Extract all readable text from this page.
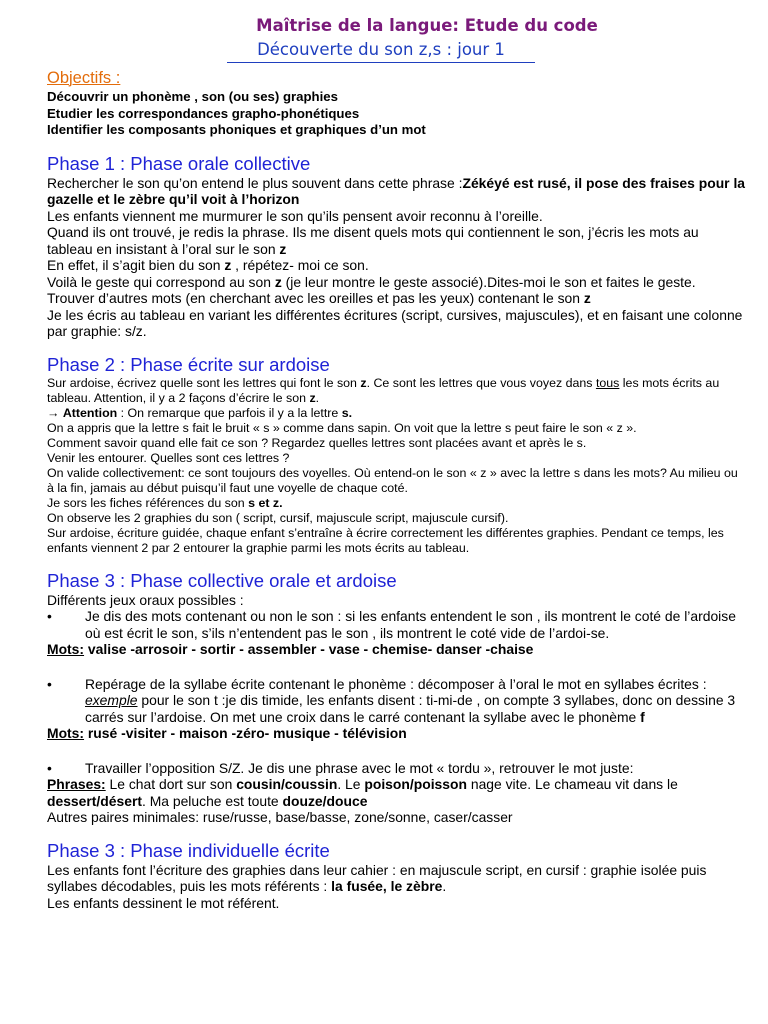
Maîtrise de la langue: Etude du code
Découverte du son z,s : jour 1
Objectifs :
Découvrir un phonème , son (ou ses) graphies
Etudier les correspondances grapho-phonétiques
Identifier les composants phoniques et graphiques d’un mot
Phase 1 : Phase orale collective
Rechercher le son qu’on entend le plus souvent dans cette phrase :Zékéyé est rusé, il pose des fraises pour la gazelle et le zèbre qu’il voit à l’horizon
Les enfants viennent me murmurer le son qu’ils pensent avoir reconnu à l’oreille.
Quand ils ont trouvé, je redis la phrase. Ils me disent quels mots qui contiennent le son, j’écris les mots au tableau en insistant à l’oral sur le son z
En effet, il s’agit bien du son z , répétez- moi ce son.
Voilà le geste qui correspond au son z (je leur montre le geste associé).Dites-moi le son et faites le geste.
Trouver d’autres mots (en cherchant avec les oreilles et pas les yeux) contenant le son z
Je les écris au tableau en variant les différentes écritures (script, cursives, majuscules), et en faisant une colonne par graphie: s/z.
Phase 2 : Phase écrite sur ardoise
Sur ardoise, écrivez quelle sont les lettres qui font le son z. Ce sont les lettres que vous voyez dans tous les mots écrits au tableau. Attention, il y a 2 façons d’écrire le son z.
→ Attention : On remarque que parfois il y a la lettre s.
On a appris que la lettre s fait le bruit « s » comme dans sapin. On voit que la lettre s peut faire le son « z ».
Comment savoir quand elle fait ce son ? Regardez quelles lettres sont placées avant et après le s.
Venir les entourer. Quelles sont ces lettres ?
On valide collectivement: ce sont toujours des voyelles. Où entend-on le son « z » avec la lettre s dans les mots? Au milieu ou à la fin, jamais au début puisqu’il faut une voyelle de chaque coté.
Je sors les fiches références du son s et z.
On observe les 2 graphies du son ( script, cursif, majuscule script, majuscule cursif).
Sur ardoise, écriture guidée, chaque enfant s’entraîne à écrire correctement les différentes graphies. Pendant ce temps, les enfants viennent 2 par 2 entourer la graphie parmi les mots écrits au tableau.
Phase 3 : Phase collective orale et ardoise
Différents jeux oraux possibles :
•	Je dis des mots contenant ou non le son : si les enfants entendent le son , ils montrent le coté de l’ardoise où est écrit le son, s’ils n’entendent pas le son , ils montrent le coté vide de l’ardoi-se.
Mots: valise -arrosoir - sortir - assembler - vase - chemise- danser -chaise
•	Repérage de la syllabe écrite contenant le phonème : décomposer à l’oral le mot en syllabes écrites : exemple pour le son t :je dis timide, les enfants disent : ti-mi-de , on compte 3 syllabes, donc on dessine 3 carrés sur l’ardoise. On met une croix dans le carré contenant la syllabe avec le phonème f
Mots: rusé -visiter - maison -zéro- musique - télévision
•	Travailler l’opposition S/Z. Je dis une phrase avec le mot « tordu », retrouver le mot juste:
Phrases: Le chat dort sur son cousin/coussin. Le poison/poisson nage vite. Le chameau vit dans le dessert/désert. Ma peluche est toute douze/douce
Autres paires minimales: ruse/russe, base/basse, zone/sonne, caser/casser
Phase 3 : Phase individuelle écrite
Les enfants font l’écriture des graphies dans leur cahier : en majuscule script, en cursif : graphie isolée puis syllabes décodables, puis les mots référents : la fusée, le zèbre.
Les enfants dessinent le mot référent.
